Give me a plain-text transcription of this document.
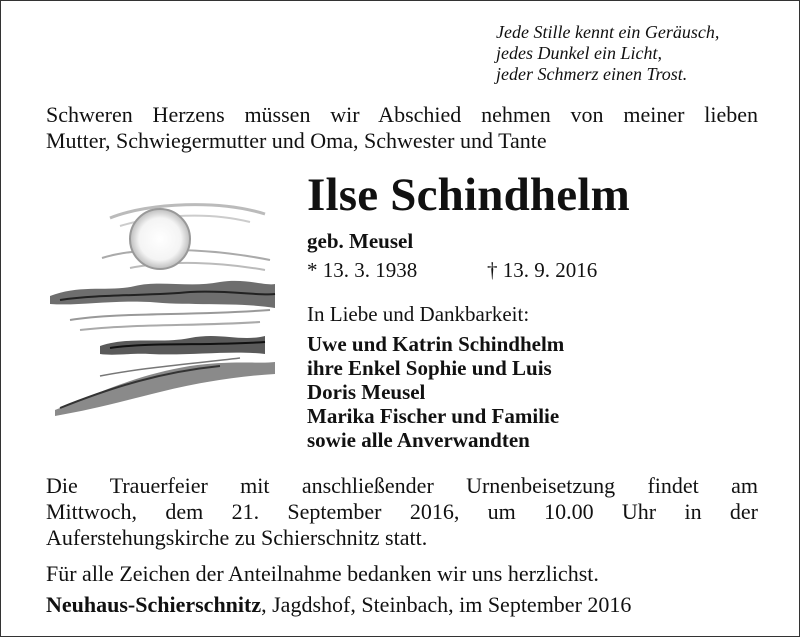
Jede Stille kennt ein Geräusch,
jedes Dunkel ein Licht,
jeder Schmerz einen Trost.
Schweren Herzens müssen wir Abschied nehmen von meiner lieben
Mutter, Schwiegermutter und Oma, Schwester und Tante
Ilse Schindhelm
geb. Meusel
* 13. 3. 1938	† 13. 9. 2016
In Liebe und Dankbarkeit:
Uwe und Katrin Schindhelm
ihre Enkel Sophie und Luis
Doris Meusel
Marika Fischer und Familie
sowie alle Anverwandten
Die Trauerfeier mit anschließender Urnenbeisetzung findet am
Mittwoch, dem 21. September 2016, um 10.00 Uhr in der
Auferstehungskirche zu Schierschnitz statt.
Für alle Zeichen der Anteilnahme bedanken wir uns herzlichst.
Neuhaus-Schierschnitz, Jagdshof, Steinbach, im September 2016
